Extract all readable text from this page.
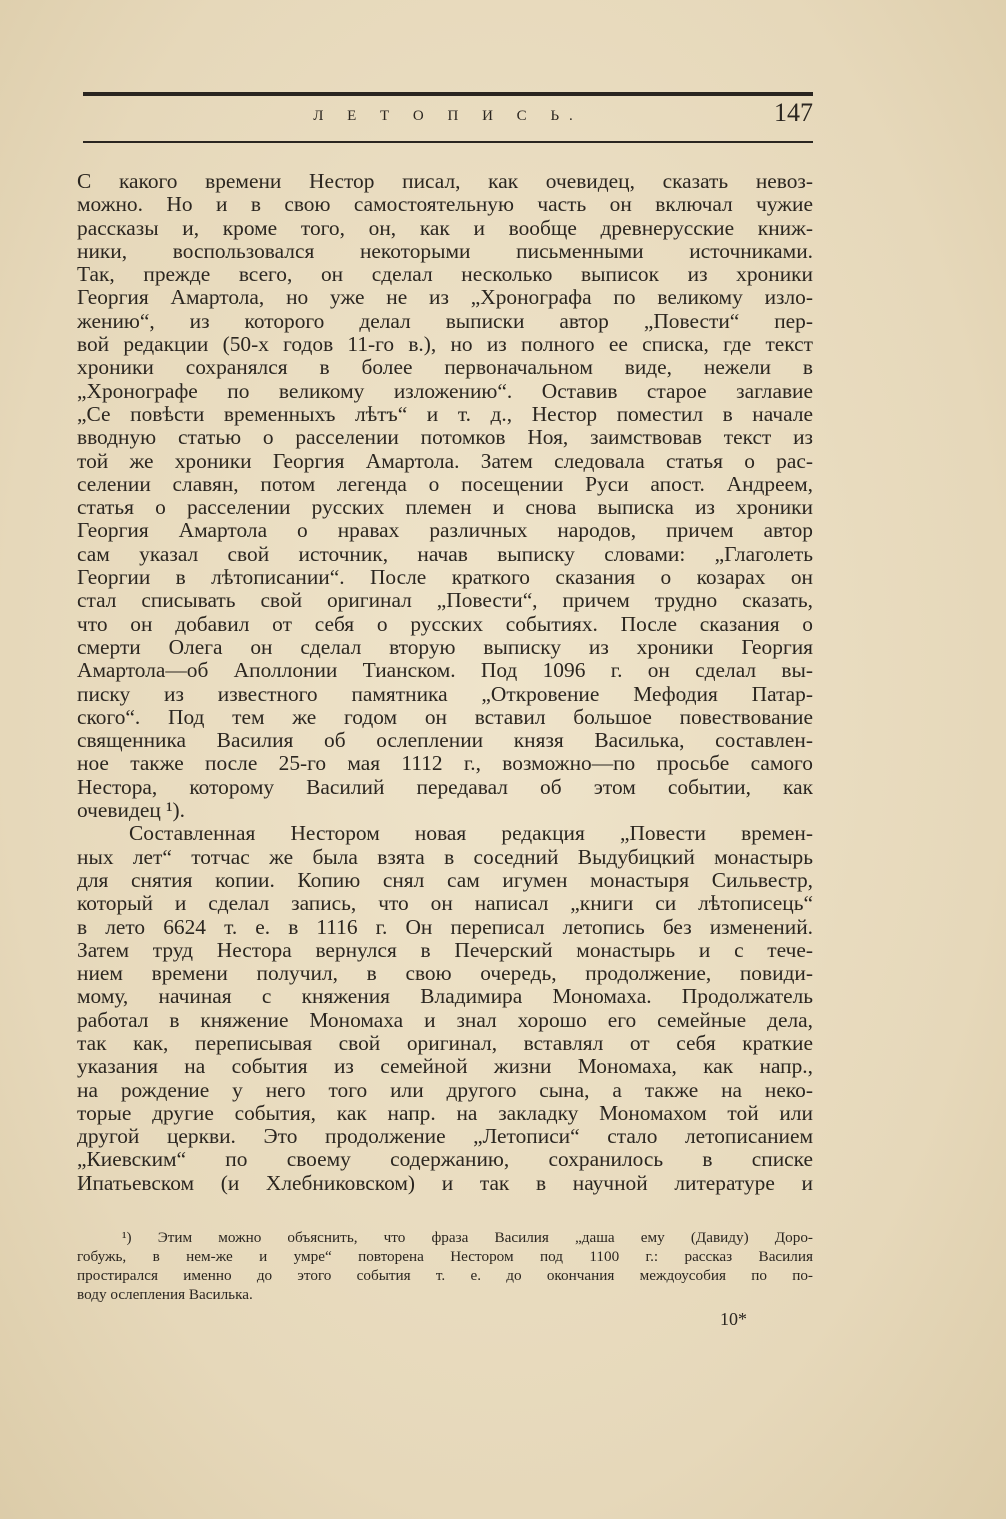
Л Е Т О П И С Ь.	147
С какого времени Нестор писал, как очевидец, сказать невоз-
можно. Но и в свою самостоятельную часть он включал чужие
рассказы и, кроме того, он, как и вообще древнерусские книж-
ники, воспользовался некоторыми письменными источниками.
Так, прежде всего, он сделал несколько выписок из хроники
Георгия Амартола, но уже не из „Хронографа по великому изло-
жению“, из которого делал выписки автор „Повести“ пер-
вой редакции (50-х годов 11-го в.), но из полного ее списка, где текст
хроники сохранялся в более первоначальном виде, нежели в
„Хронографе по великому изложению“. Оставив старое заглавие
„Се повѣсти временныхъ лѣтъ“ и т. д., Нестор поместил в начале
вводную статью о расселении потомков Ноя, заимствовав текст из
той же хроники Георгия Амартола. Затем следовала статья о рас-
селении славян, потом легенда о посещении Руси апост. Андреем,
статья о расселении русских племен и снова выписка из хроники
Георгия Амартола о нравах различных народов, причем автор
сам указал свой источник, начав выписку словами: „Глаголеть
Георгии в лѣтописании“. После краткого сказания о козарах он
стал списывать свой оригинал „Повести“, причем трудно сказать,
что он добавил от себя о русских событиях. После сказания о
смерти Олега он сделал вторую выписку из хроники Георгия
Амартола—об Аполлонии Тианском. Под 1096 г. он сделал вы-
писку из известного памятника „Откровение Мефодия Патар-
ского“. Под тем же годом он вставил большое повествование
священника Василия об ослеплении князя Василька, составлен-
ное также после 25-го мая 1112 г., возможно—по просьбе самого
Нестора, которому Василий передавал об этом событии, как
очевидец ¹).
Составленная Нестором новая редакция „Повести времен-
ных лет“ тотчас же была взята в соседний Выдубицкий монастырь
для снятия копии. Копию снял сам игумен монастыря Сильвестр,
который и сделал запись, что он написал „книги си лѣтописець“
в лето 6624 т. е. в 1116 г. Он переписал летопись без изменений.
Затем труд Нестора вернулся в Печерский монастырь и с тече-
нием времени получил, в свою очередь, продолжение, повиди-
мому, начиная с княжения Владимира Мономаха. Продолжатель
работал в княжение Мономаха и знал хорошо его семейные дела,
так как, переписывая свой оригинал, вставлял от себя краткие
указания на события из семейной жизни Мономаха, как напр.,
на рождение у него того или другого сына, а также на неко-
торые другие события, как напр. на закладку Мономахом той или
другой церкви. Это продолжение „Летописи“ стало летописанием
„Киевским“ по своему содержанию, сохранилось в списке
Ипатьевском (и Хлебниковском) и так в научной литературе и
¹) Этим можно объяснить, что фраза Василия „даша ему (Давиду) Доро-
гобужь, в нем-же и умре“ повторена Нестором под 1100 г.: рассказ Василия
простирался именно до этого события т. е. до окончания междоусобия по по-
воду ослепления Василька.
10*
